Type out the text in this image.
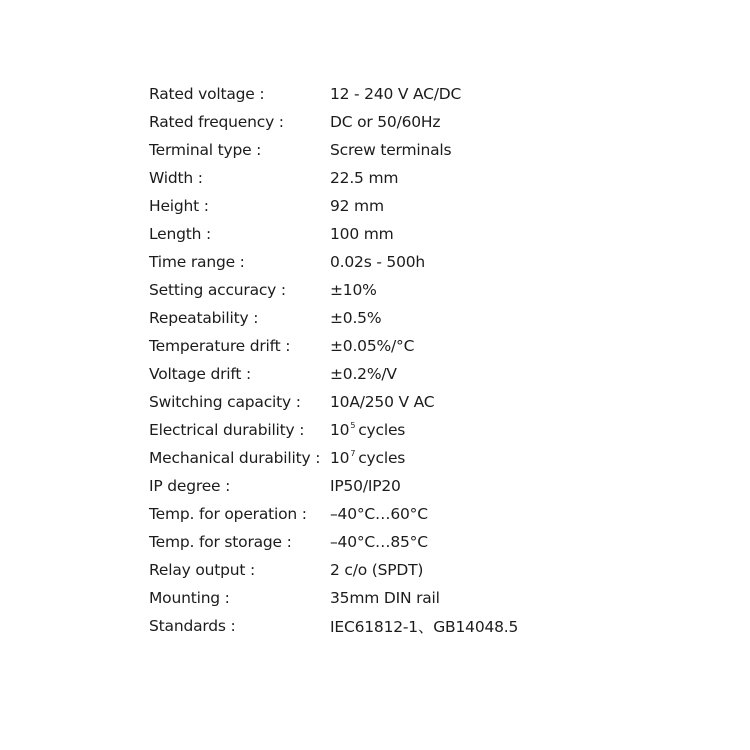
Rated voltage :	12 - 240 V AC/DC
Rated frequency :	DC or 50/60Hz
Terminal type :	Screw terminals
Width :	22.5 mm
Height :	92 mm
Length :	100 mm
Time range :	0.02s - 500h
Setting accuracy :	±10%
Repeatability :	±0.5%
Temperature drift :	±0.05%/°C
Voltage drift :	±0.2%/V
Switching capacity :	10A/250 V AC
Electrical durability :	$10^5$ cycles
Mechanical durability : $10^7$ cycles
IP degree :	IP50/IP20
Temp. for operation :	–40°C…60°C
Temp. for storage :	–40°C…85°C
Relay output :	2 c/o (SPDT)
Mounting :	35mm DIN rail
Standards :	IEC61812-1、GB14048.5
